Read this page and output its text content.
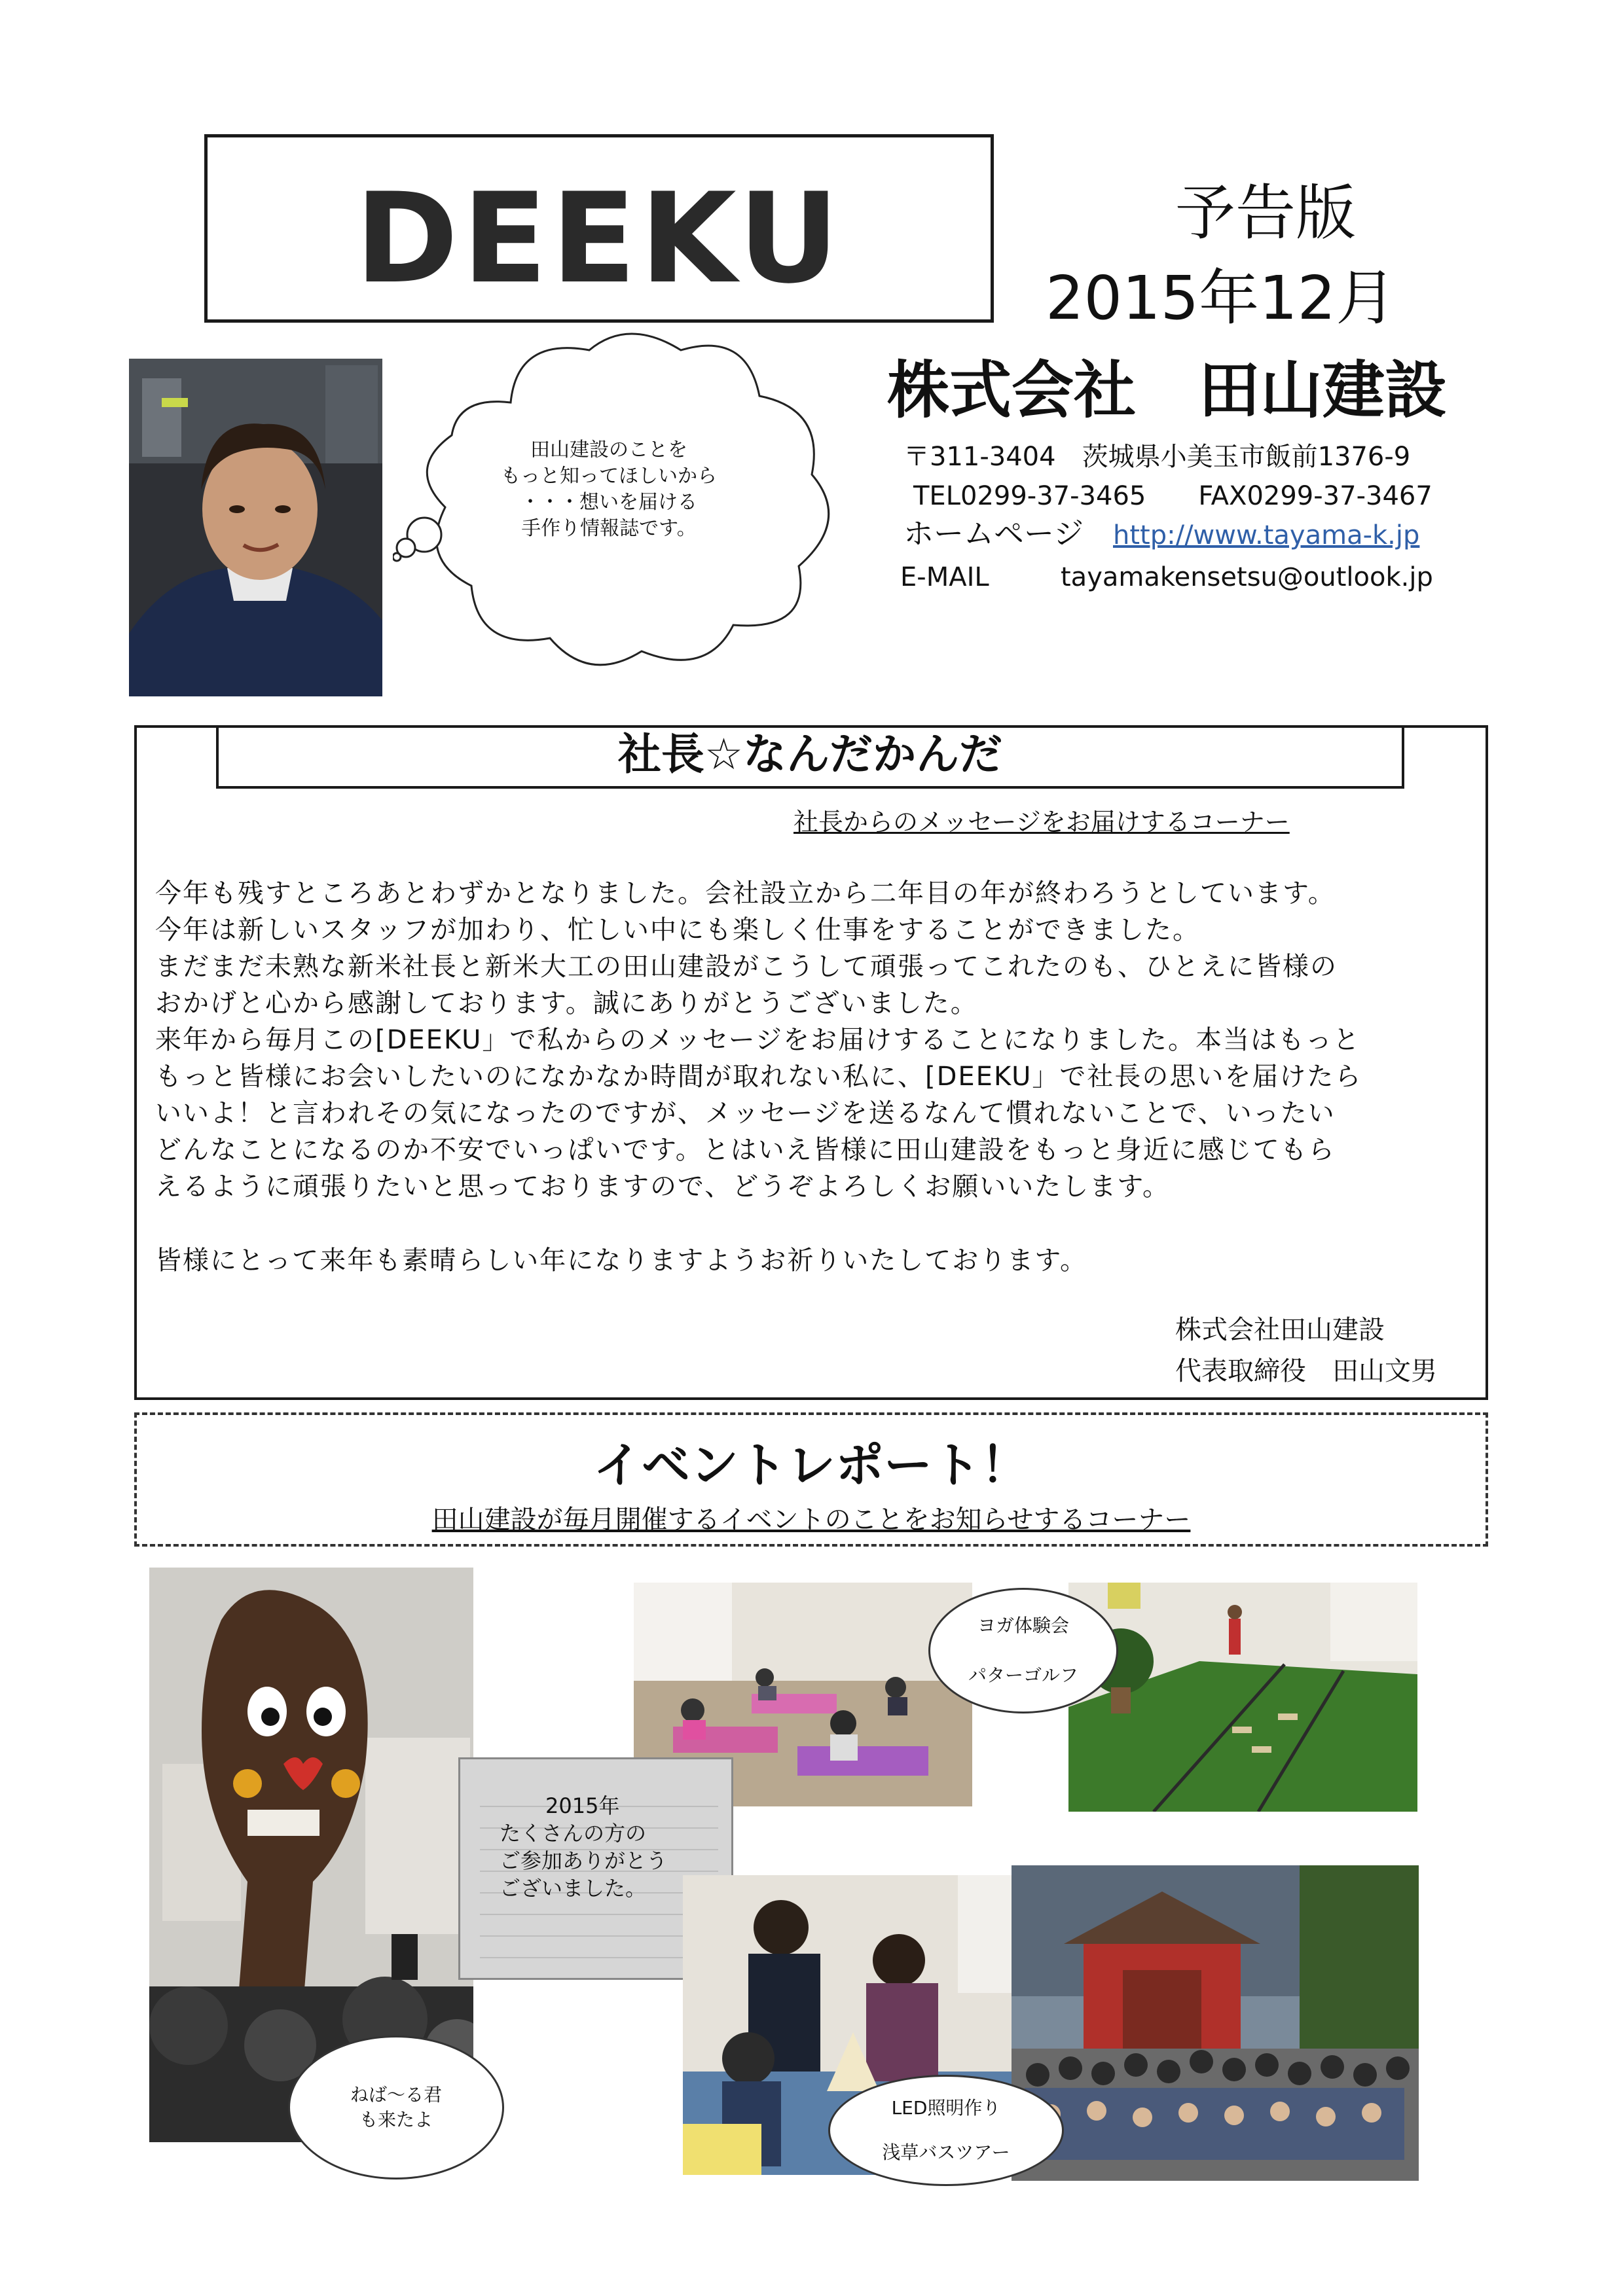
DEEKU	予告版
2015年12月
株式会社　田山建設
〒311-3404　茨城県小美玉市飯前1376-9
TEL0299-37-3465　　FAX0299-37-3467
ホームページ http://www.tayama-k.jp
E-MAIL	tayamakensetsu@outlook.jp
田山建設のことを
もっと知ってほしいから
・・・想いを届ける
手作り情報誌です。
社長☆なんだかんだ
社長からのメッセージをお届けするコーナー
今年も残すところあとわずかとなりました。会社設立から二年目の年が終わろうとしています。
今年は新しいスタッフが加わり、忙しい中にも楽しく仕事をすることができました。
まだまだ未熟な新米社長と新米大工の田山建設がこうして頑張ってこれたのも、ひとえに皆様の
おかげと心から感謝しております。誠にありがとうございました。
来年から毎月この[DEEKU」で私からのメッセージをお届けすることになりました。本当はもっと
もっと皆様にお会いしたいのになかなか時間が取れない私に、[DEEKU」で社長の思いを届けたら
いいよ！と言われその気になったのですが、メッセージを送るなんて慣れないことで、いったい
どんなことになるのか不安でいっぱいです。とはいえ皆様に田山建設をもっと身近に感じてもら
えるように頑張りたいと思っておりますので、どうぞよろしくお願いいたします。
皆様にとって来年も素晴らしい年になりますようお祈りいたしております。
株式会社田山建設
代表取締役　田山文男
イベントレポート！
田山建設が毎月開催するイベントのことをお知らせするコーナー
ヨガ体験会
パターゴルフ
2015年
たくさんの方の
ご参加ありがとう
ございました。
ねば～る君
も来たよ
LED照明作り
浅草バスツアー
